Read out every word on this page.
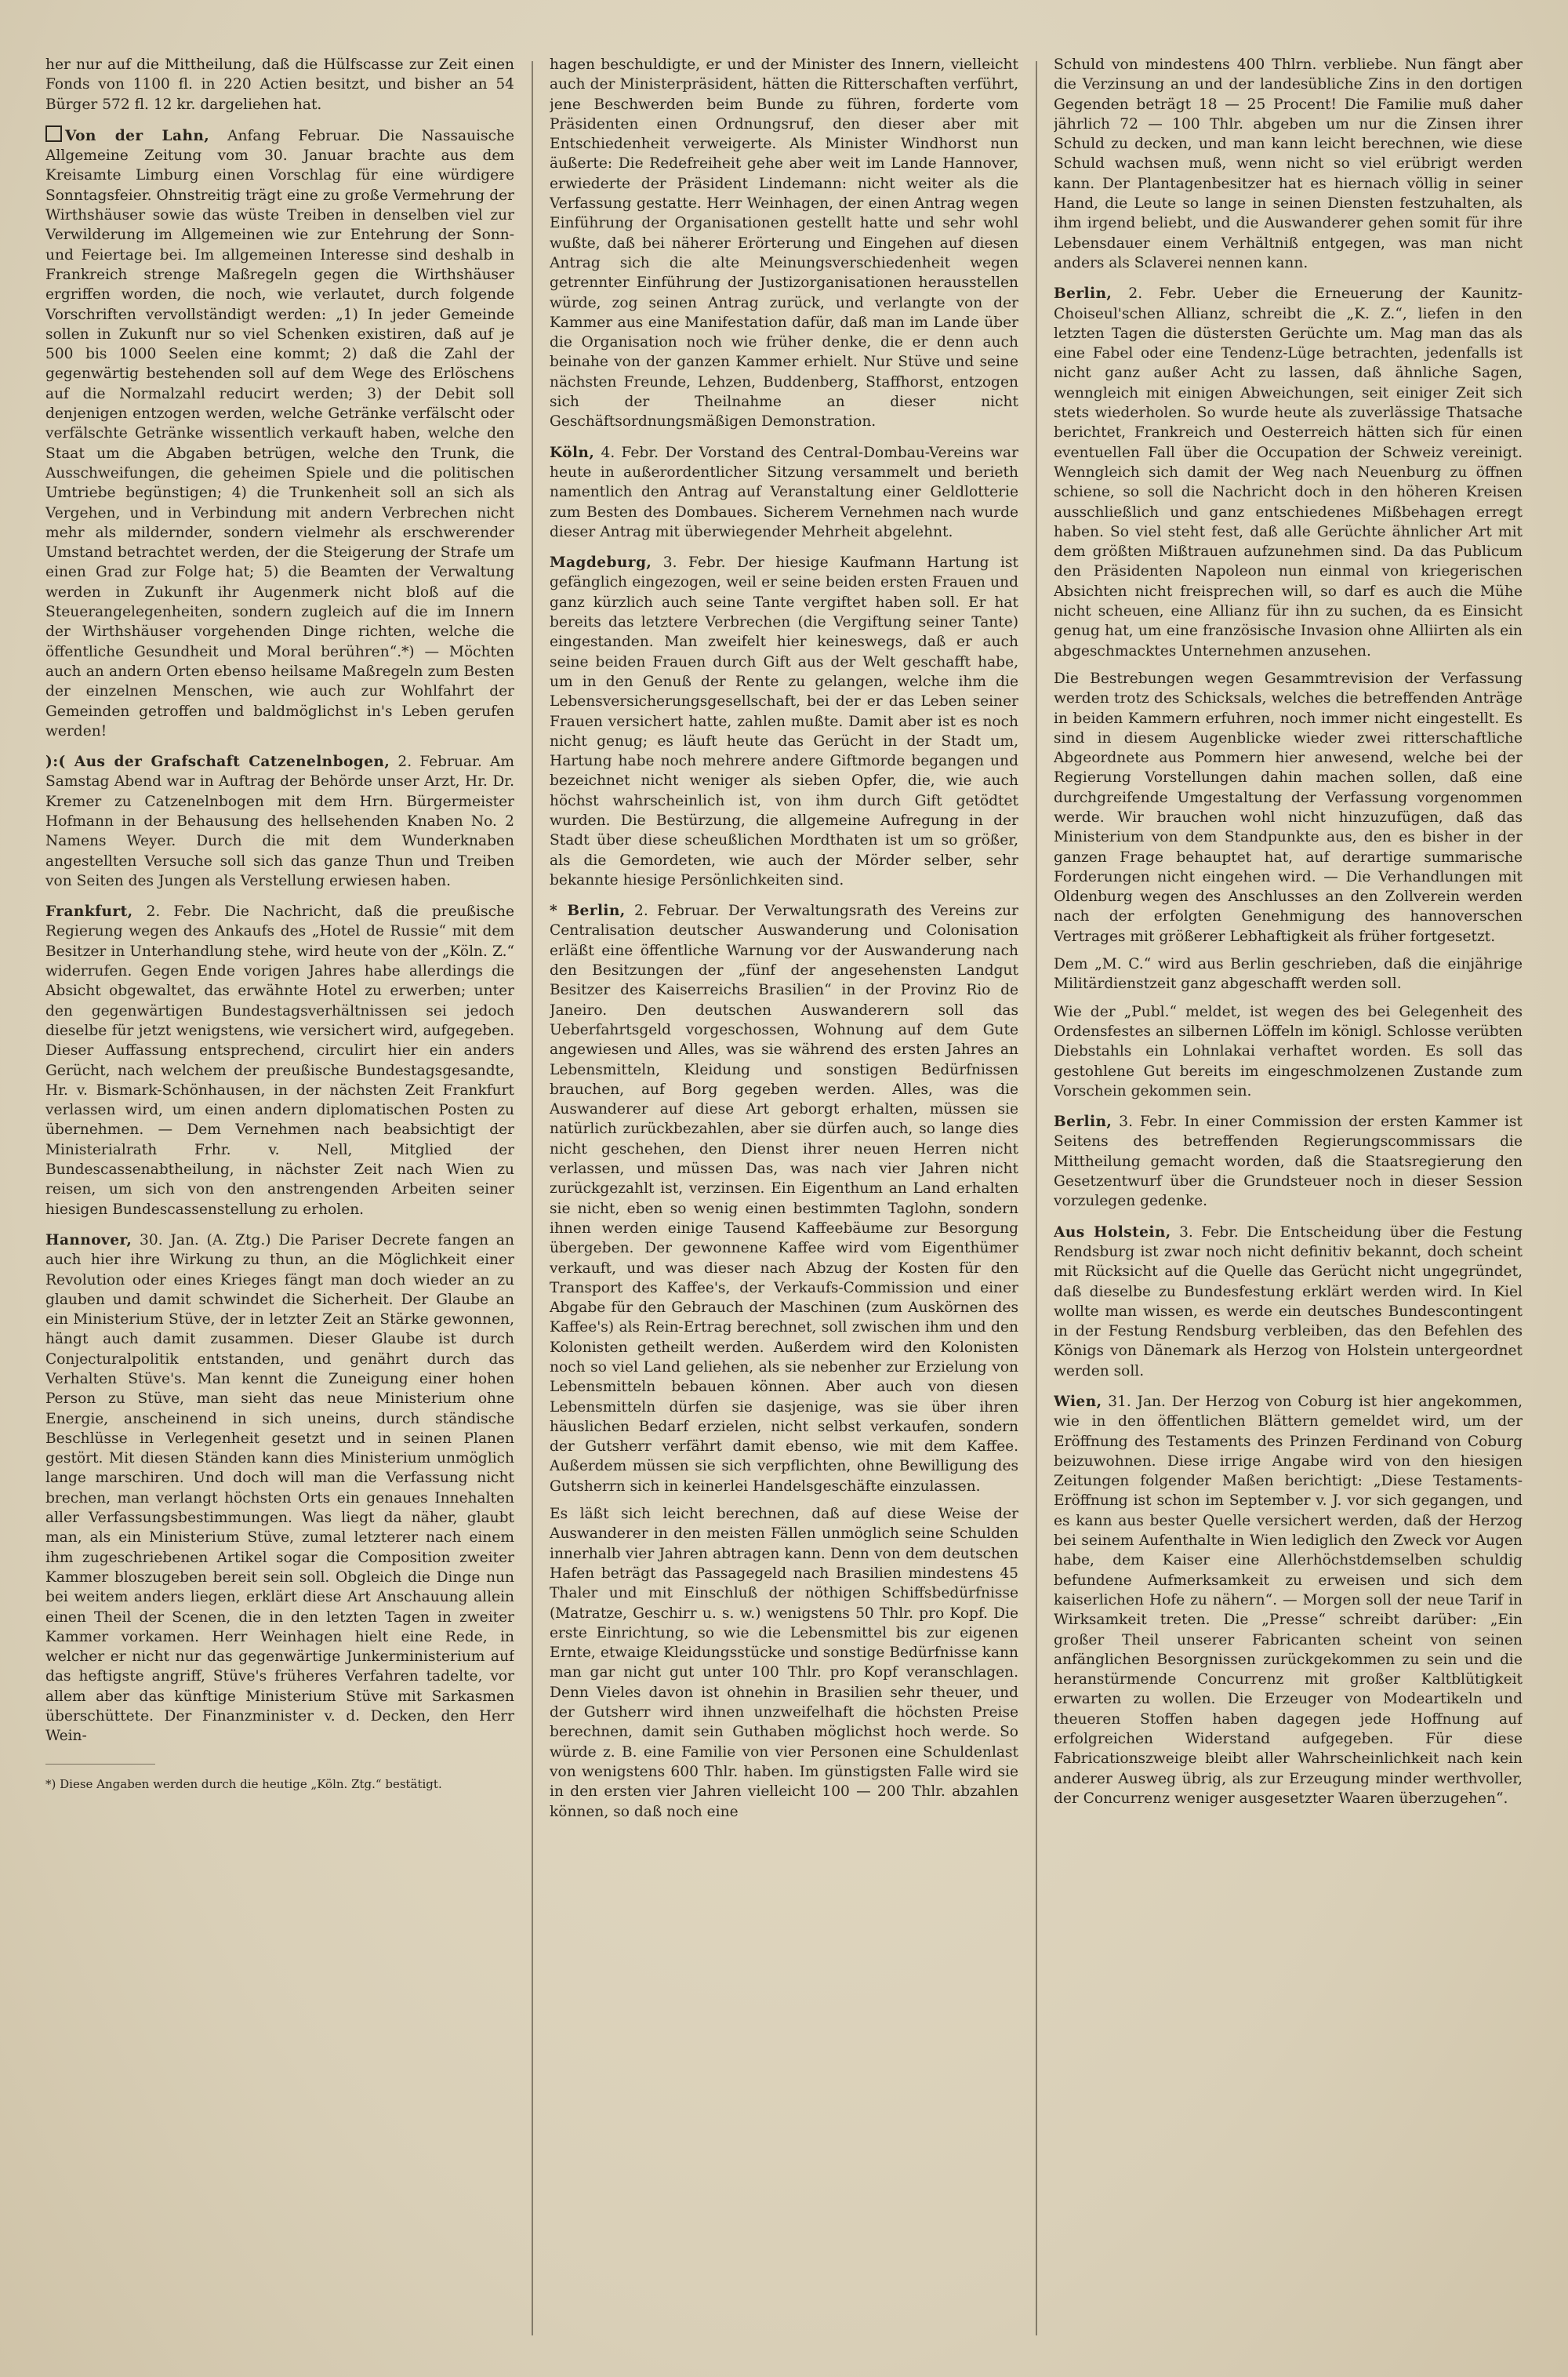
her nur auf die Mittheilung, daß die Hülfscasse zur Zeit einen Fonds von 1100 fl. in 220 Actien besitzt, und bisher an 54 Bürger 572 fl. 12 kr. dargeliehen hat.

Von der Lahn, Anfang Februar. Die Nassauische Allgemeine Zeitung vom 30. Januar brachte aus dem Kreisamte Limburg einen Vorschlag für eine würdigere Sonntagsfeier. Ohnstreitig trägt eine zu große Vermehrung der Wirthshäuser sowie das wüste Treiben in denselben viel zur Verwilderung im Allgemeinen wie zur Entehrung der Sonn- und Feiertage bei. Im allgemeinen Interesse sind deshalb in Frankreich strenge Maßregeln gegen die Wirthshäuser ergriffen worden, die noch, wie verlautet, durch folgende Vorschriften vervollständigt werden: „1) In jeder Gemeinde sollen in Zukunft nur so viel Schenken existiren, daß auf je 500 bis 1000 Seelen eine kommt; 2) daß die Zahl der gegenwärtig bestehenden soll auf dem Wege des Erlöschens auf die Normalzahl reducirt werden; 3) der Debit soll denjenigen entzogen werden, welche Getränke verfälscht oder verfälschte Getränke wissentlich verkauft haben, welche den Staat um die Abgaben betrügen, welche den Trunk, die Ausschweifungen, die geheimen Spiele und die politischen Umtriebe begünstigen; 4) die Trunkenheit soll an sich als Vergehen, und in Verbindung mit andern Verbrechen nicht mehr als mildernder, sondern vielmehr als erschwerender Umstand betrachtet werden, der die Steigerung der Strafe um einen Grad zur Folge hat; 5) die Beamten der Verwaltung werden in Zukunft ihr Augenmerk nicht bloß auf die Steuerangelegenheiten, sondern zugleich auf die im Innern der Wirthshäuser vorgehenden Dinge richten, welche die öffentliche Gesundheit und Moral berühren“.*) — Möchten auch an andern Orten ebenso heilsame Maßregeln zum Besten der einzelnen Menschen, wie auch zur Wohlfahrt der Gemeinden getroffen und baldmöglichst in's Leben gerufen werden!

):( Aus der Grafschaft Catzenelnbogen, 2. Februar. Am Samstag Abend war in Auftrag der Behörde unser Arzt, Hr. Dr. Kremer zu Catzenelnbogen mit dem Hrn. Bürgermeister Hofmann in der Behausung des hellsehenden Knaben No. 2 Namens Weyer. Durch die mit dem Wunderknaben angestellten Versuche soll sich das ganze Thun und Treiben von Seiten des Jungen als Verstellung erwiesen haben.

Frankfurt, 2. Febr. Die Nachricht, daß die preußische Regierung wegen des Ankaufs des „Hotel de Russie“ mit dem Besitzer in Unterhandlung stehe, wird heute von der „Köln. Z.“ widerrufen. Gegen Ende vorigen Jahres habe allerdings die Absicht obgewaltet, das erwähnte Hotel zu erwerben; unter den gegenwärtigen Bundestagsverhältnissen sei jedoch dieselbe für jetzt wenigstens, wie versichert wird, aufgegeben. Dieser Auffassung entsprechend, circulirt hier ein anders Gerücht, nach welchem der preußische Bundestagsgesandte, Hr. v. Bismark-Schönhausen, in der nächsten Zeit Frankfurt verlassen wird, um einen andern diplomatischen Posten zu übernehmen. — Dem Vernehmen nach beabsichtigt der Ministerialrath Frhr. v. Nell, Mitglied der Bundescassenabtheilung, in nächster Zeit nach Wien zu reisen, um sich von den anstrengenden Arbeiten seiner hiesigen Bundescassenstellung zu erholen.

Hannover, 30. Jan. (A. Ztg.) Die Pariser Decrete fangen an auch hier ihre Wirkung zu thun, an die Möglichkeit einer Revolution oder eines Krieges fängt man doch wieder an zu glauben und damit schwindet die Sicherheit. Der Glaube an ein Ministerium Stüve, der in letzter Zeit an Stärke gewonnen, hängt auch damit zusammen. Dieser Glaube ist durch Conjecturalpolitik entstanden, und genährt durch das Verhalten Stüve's. Man kennt die Zuneigung einer hohen Person zu Stüve, man sieht das neue Ministerium ohne Energie, anscheinend in sich uneins, durch ständische Beschlüsse in Verlegenheit gesetzt und in seinen Planen gestört. Mit diesen Ständen kann dies Ministerium unmöglich lange marschiren. Und doch will man die Verfassung nicht brechen, man verlangt höchsten Orts ein genaues Innehalten aller Verfassungsbestimmungen. Was liegt da näher, glaubt man, als ein Ministerium Stüve, zumal letzterer nach einem ihm zugeschriebenen Artikel sogar die Composition zweiter Kammer bloszugeben bereit sein soll. Obgleich die Dinge nun bei weitem anders liegen, erklärt diese Art Anschauung allein einen Theil der Scenen, die in den letzten Tagen in zweiter Kammer vorkamen. Herr Weinhagen hielt eine Rede, in welcher er nicht nur das gegenwärtige Junkerministerium auf das heftigste angriff, Stüve's früheres Verfahren tadelte, vor allem aber das künftige Ministerium Stüve mit Sarkasmen überschüttete. Der Finanzminister v. d. Decken, den Herr Wein-

*) Diese Angaben werden durch die heutige „Köln. Ztg.“ bestätigt.

hagen beschuldigte, er und der Minister des Innern, vielleicht auch der Ministerpräsident, hätten die Ritterschaften verführt, jene Beschwerden beim Bunde zu führen, forderte vom Präsidenten einen Ordnungsruf, den dieser aber mit Entschiedenheit verweigerte. Als Minister Windhorst nun äußerte: Die Redefreiheit gehe aber weit im Lande Hannover, erwiederte der Präsident Lindemann: nicht weiter als die Verfassung gestatte. Herr Weinhagen, der einen Antrag wegen Einführung der Organisationen gestellt hatte und sehr wohl wußte, daß bei näherer Erörterung und Eingehen auf diesen Antrag sich die alte Meinungsverschiedenheit wegen getrennter Einführung der Justizorganisationen herausstellen würde, zog seinen Antrag zurück, und verlangte von der Kammer aus eine Manifestation dafür, daß man im Lande über die Organisation noch wie früher denke, die er denn auch beinahe von der ganzen Kammer erhielt. Nur Stüve und seine nächsten Freunde, Lehzen, Buddenberg, Staffhorst, entzogen sich der Theilnahme an dieser nicht Geschäftsordnungsmäßigen Demonstration.

Köln, 4. Febr. Der Vorstand des Central-Dombau-Vereins war heute in außerordentlicher Sitzung versammelt und berieth namentlich den Antrag auf Veranstaltung einer Geldlotterie zum Besten des Dombaues. Sicherem Vernehmen nach wurde dieser Antrag mit überwiegender Mehrheit abgelehnt.

Magdeburg, 3. Febr. Der hiesige Kaufmann Hartung ist gefänglich eingezogen, weil er seine beiden ersten Frauen und ganz kürzlich auch seine Tante vergiftet haben soll. Er hat bereits das letztere Verbrechen (die Vergiftung seiner Tante) eingestanden. Man zweifelt hier keineswegs, daß er auch seine beiden Frauen durch Gift aus der Welt geschafft habe, um in den Genuß der Rente zu gelangen, welche ihm die Lebensversicherungsgesellschaft, bei der er das Leben seiner Frauen versichert hatte, zahlen mußte. Damit aber ist es noch nicht genug; es läuft heute das Gerücht in der Stadt um, Hartung habe noch mehrere andere Giftmorde begangen und bezeichnet nicht weniger als sieben Opfer, die, wie auch höchst wahrscheinlich ist, von ihm durch Gift getödtet wurden. Die Bestürzung, die allgemeine Aufregung in der Stadt über diese scheußlichen Mordthaten ist um so größer, als die Gemordeten, wie auch der Mörder selber, sehr bekannte hiesige Persönlichkeiten sind.

* Berlin, 2. Februar. Der Verwaltungsrath des Vereins zur Centralisation deutscher Auswanderung und Colonisation erläßt eine öffentliche Warnung vor der Auswanderung nach den Besitzungen der „fünf der angesehensten Landgut Besitzer des Kaiserreichs Brasilien“ in der Provinz Rio de Janeiro. Den deutschen Auswanderern soll das Ueberfahrtsgeld vorgeschossen, Wohnung auf dem Gute angewiesen und Alles, was sie während des ersten Jahres an Lebensmitteln, Kleidung und sonstigen Bedürfnissen brauchen, auf Borg gegeben werden. Alles, was die Auswanderer auf diese Art geborgt erhalten, müssen sie natürlich zurückbezahlen, aber sie dürfen auch, so lange dies nicht geschehen, den Dienst ihrer neuen Herren nicht verlassen, und müssen Das, was nach vier Jahren nicht zurückgezahlt ist, verzinsen. Ein Eigenthum an Land erhalten sie nicht, eben so wenig einen bestimmten Taglohn, sondern ihnen werden einige Tausend Kaffeebäume zur Besorgung übergeben. Der gewonnene Kaffee wird vom Eigenthümer verkauft, und was dieser nach Abzug der Kosten für den Transport des Kaffee's, der Verkaufs-Commission und einer Abgabe für den Gebrauch der Maschinen (zum Auskörnen des Kaffee's) als Rein-Ertrag berechnet, soll zwischen ihm und den Kolonisten getheilt werden. Außerdem wird den Kolonisten noch so viel Land geliehen, als sie nebenher zur Erzielung von Lebensmitteln bebauen können. Aber auch von diesen Lebensmitteln dürfen sie dasjenige, was sie über ihren häuslichen Bedarf erzielen, nicht selbst verkaufen, sondern der Gutsherr verfährt damit ebenso, wie mit dem Kaffee. Außerdem müssen sie sich verpflichten, ohne Bewilligung des Gutsherrn sich in keinerlei Handelsgeschäfte einzulassen.

Es läßt sich leicht berechnen, daß auf diese Weise der Auswanderer in den meisten Fällen unmöglich seine Schulden innerhalb vier Jahren abtragen kann. Denn von dem deutschen Hafen beträgt das Passagegeld nach Brasilien mindestens 45 Thaler und mit Einschluß der nöthigen Schiffsbedürfnisse (Matratze, Geschirr u. s. w.) wenigstens 50 Thlr. pro Kopf. Die erste Einrichtung, so wie die Lebensmittel bis zur eigenen Ernte, etwaige Kleidungsstücke und sonstige Bedürfnisse kann man gar nicht gut unter 100 Thlr. pro Kopf veranschlagen. Denn Vieles davon ist ohnehin in Brasilien sehr theuer, und der Gutsherr wird ihnen unzweifelhaft die höchsten Preise berechnen, damit sein Guthaben möglichst hoch werde. So würde z. B. eine Familie von vier Personen eine Schuldenlast von wenigstens 600 Thlr. haben. Im günstigsten Falle wird sie in den ersten vier Jahren vielleicht 100 — 200 Thlr. abzahlen können, so daß noch eine

Schuld von mindestens 400 Thlrn. verbliebe. Nun fängt aber die Verzinsung an und der landesübliche Zins in den dortigen Gegenden beträgt 18 — 25 Procent! Die Familie muß daher jährlich 72 — 100 Thlr. abgeben um nur die Zinsen ihrer Schuld zu decken, und man kann leicht berechnen, wie diese Schuld wachsen muß, wenn nicht so viel erübrigt werden kann. Der Plantagenbesitzer hat es hiernach völlig in seiner Hand, die Leute so lange in seinen Diensten festzuhalten, als ihm irgend beliebt, und die Auswanderer gehen somit für ihre Lebensdauer einem Verhältniß entgegen, was man nicht anders als Sclaverei nennen kann.

Berlin, 2. Febr. Ueber die Erneuerung der Kaunitz-Choiseul'schen Allianz, schreibt die „K. Z.“, liefen in den letzten Tagen die düstersten Gerüchte um. Mag man das als eine Fabel oder eine Tendenz-Lüge betrachten, jedenfalls ist nicht ganz außer Acht zu lassen, daß ähnliche Sagen, wenngleich mit einigen Abweichungen, seit einiger Zeit sich stets wiederholen. So wurde heute als zuverlässige Thatsache berichtet, Frankreich und Oesterreich hätten sich für einen eventuellen Fall über die Occupation der Schweiz vereinigt. Wenngleich sich damit der Weg nach Neuenburg zu öffnen schiene, so soll die Nachricht doch in den höheren Kreisen ausschließlich und ganz entschiedenes Mißbehagen erregt haben. So viel steht fest, daß alle Gerüchte ähnlicher Art mit dem größten Mißtrauen aufzunehmen sind. Da das Publicum den Präsidenten Napoleon nun einmal von kriegerischen Absichten nicht freisprechen will, so darf es auch die Mühe nicht scheuen, eine Allianz für ihn zu suchen, da es Einsicht genug hat, um eine französische Invasion ohne Alliirten als ein abgeschmacktes Unternehmen anzusehen.

Die Bestrebungen wegen Gesammtrevision der Verfassung werden trotz des Schicksals, welches die betreffenden Anträge in beiden Kammern erfuhren, noch immer nicht eingestellt. Es sind in diesem Augenblicke wieder zwei ritterschaftliche Abgeordnete aus Pommern hier anwesend, welche bei der Regierung Vorstellungen dahin machen sollen, daß eine durchgreifende Umgestaltung der Verfassung vorgenommen werde. Wir brauchen wohl nicht hinzuzufügen, daß das Ministerium von dem Standpunkte aus, den es bisher in der ganzen Frage behauptet hat, auf derartige summarische Forderungen nicht eingehen wird. — Die Verhandlungen mit Oldenburg wegen des Anschlusses an den Zollverein werden nach der erfolgten Genehmigung des hannoverschen Vertrages mit größerer Lebhaftigkeit als früher fortgesetzt.

Dem „M. C.“ wird aus Berlin geschrieben, daß die einjährige Militärdienstzeit ganz abgeschafft werden soll.

Wie der „Publ.“ meldet, ist wegen des bei Gelegenheit des Ordensfestes an silbernen Löffeln im königl. Schlosse verübten Diebstahls ein Lohnlakai verhaftet worden. Es soll das gestohlene Gut bereits im eingeschmolzenen Zustande zum Vorschein gekommen sein.

Berlin, 3. Febr. In einer Commission der ersten Kammer ist Seitens des betreffenden Regierungscommissars die Mittheilung gemacht worden, daß die Staatsregierung den Gesetzentwurf über die Grundsteuer noch in dieser Session vorzulegen gedenke.

Aus Holstein, 3. Febr. Die Entscheidung über die Festung Rendsburg ist zwar noch nicht definitiv bekannt, doch scheint mit Rücksicht auf die Quelle das Gerücht nicht ungegründet, daß dieselbe zu Bundesfestung erklärt werden wird. In Kiel wollte man wissen, es werde ein deutsches Bundescontingent in der Festung Rendsburg verbleiben, das den Befehlen des Königs von Dänemark als Herzog von Holstein untergeordnet werden soll.

Wien, 31. Jan. Der Herzog von Coburg ist hier angekommen, wie in den öffentlichen Blättern gemeldet wird, um der Eröffnung des Testaments des Prinzen Ferdinand von Coburg beizuwohnen. Diese irrige Angabe wird von den hiesigen Zeitungen folgender Maßen berichtigt: „Diese Testaments-Eröffnung ist schon im September v. J. vor sich gegangen, und es kann aus bester Quelle versichert werden, daß der Herzog bei seinem Aufenthalte in Wien lediglich den Zweck vor Augen habe, dem Kaiser eine Allerhöchstdemselben schuldig befundene Aufmerksamkeit zu erweisen und sich dem kaiserlichen Hofe zu nähern“. — Morgen soll der neue Tarif in Wirksamkeit treten. Die „Presse“ schreibt darüber: „Ein großer Theil unserer Fabricanten scheint von seinen anfänglichen Besorgnissen zurückgekommen zu sein und die heranstürmende Concurrenz mit großer Kaltblütigkeit erwarten zu wollen. Die Erzeuger von Modeartikeln und theueren Stoffen haben dagegen jede Hoffnung auf erfolgreichen Widerstand aufgegeben. Für diese Fabricationszweige bleibt aller Wahrscheinlichkeit nach kein anderer Ausweg übrig, als zur Erzeugung minder werthvoller, der Concurrenz weniger ausgesetzter Waaren überzugehen“.
